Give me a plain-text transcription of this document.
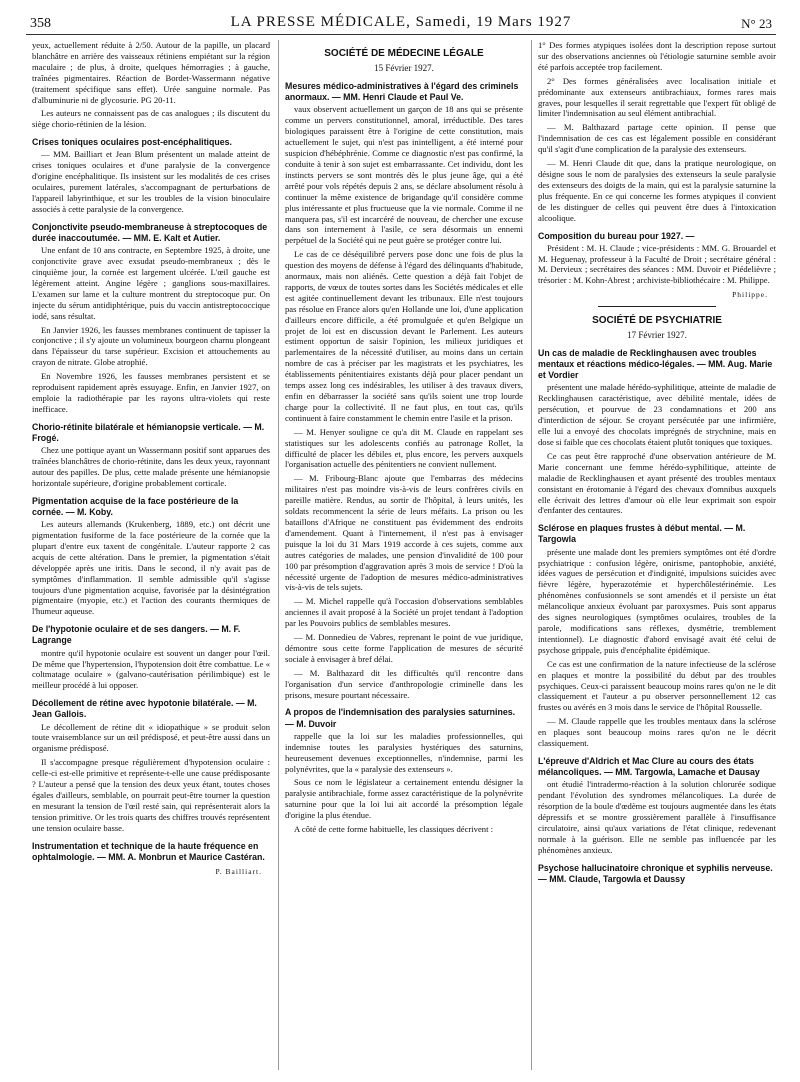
358	LA PRESSE MÉDICALE, Samedi, 19 Mars 1927	N° 23

yeux, actuellement réduite à 2/50. Autour de la papille, un placard blanchâtre en arrière des vaisseaux rétiniens empiétant sur la région maculaire ; de plus, à droite, quelques hémorragies ; à gauche, traînées pigmentaires. Réaction de Bordet-Wassermann négative (traitement spécifique sans effet). Urée sanguine normale. Pas d'albuminurie ni de glycosurie. PG 20-11.

Les auteurs ne connaissent pas de cas analogues ; ils discutent du siège chorio-rétinien de la lésion.

Crises toniques oculaires post-encéphalitiques.

— MM. Bailliart et Jean Blum présentent un malade atteint de crises toniques oculaires et d'une paralysie de la convergence d'origine encéphalitique. Ils insistent sur les modalités de ces crises oculaires, purement latérales, s'accompagnant de perturbations de l'appareil labyrinthique, et sur les troubles de la vision binoculaire associés à cette paralysie de la convergence.

Conjonctivite pseudo-membraneuse à streptocoques de durée inaccoutumée. — MM. E. Kalt et Autier.

Une enfant de 10 ans contracte, en Septembre 1925, à droite, une conjonctivite grave avec exsudat pseudo-membraneux ; dès le cinquième jour, la cornée est largement ulcérée. L'œil gauche est légèrement atteint. Angine légère ; ganglions sous-maxillaires. L'examen sur lame et la culture montrent du streptocoque pur. On injecte du sérum antidiphtérique, puis du vaccin antistreptococcique iodé, sans résultat.

En Janvier 1926, les fausses membranes continuent de tapisser la conjonctive ; il s'y ajoute un volumineux bourgeon charnu plongeant dans l'épaisseur du tarse supérieur. Excision et attouchements au crayon de nitrate. Globe atrophié.

En Novembre 1926, les fausses membranes persistent et se reproduisent rapidement après essuyage. Enfin, en Janvier 1927, on emploie la radiothérapie par les rayons ultra-violets qui reste inefficace.

Chorio-rétinite bilatérale et hémianopsie verticale. — M. Frogé.

Chez une pottique ayant un Wassermann positif sont apparues des traînées blanchâtres de chorio-rétinite, dans les deux yeux, rayonnant autour des papilles. De plus, cette malade présente une hémianopsie horizontale supérieure, d'origine probablement corticale.

Pigmentation acquise de la face postérieure de la cornée. — M. Koby.

Les auteurs allemands (Krukenberg, 1889, etc.) ont décrit une pigmentation fusiforme de la face postérieure de la cornée que la plupart d'entre eux taxent de congénitale. L'auteur rapporte 2 cas acquis de cette altération. Dans le premier, la pigmentation s'était développée après une iritis. Dans le second, il n'y avait pas de symptômes d'inflammation. Il semble admissible qu'il s'agisse toujours d'une pigmentation acquise, favorisée par la désintégration pigmentaire (myopie, etc.) et l'action des courants thermiques de l'humeur aqueuse.

De l'hypotonie oculaire et de ses dangers. — M. F. Lagrange

montre qu'il hypotonie oculaire est souvent un danger pour l'œil. De même que l'hypertension, l'hypotension doit être combattue. Le « coltmatage oculaire » (galvano-cautérisation périlimbique) est le meilleur procédé à lui opposer.

Décollement de rétine avec hypotonie bilatérale. — M. Jean Gallois.

Le décollement de rétine dit « idiopathique » se produit selon toute vraisemblance sur un œil prédisposé, et peut-être aussi dans un organisme prédisposé.

Il s'accompagne presque régulièrement d'hypotension oculaire : celle-ci est-elle primitive et représente-t-elle une cause prédisposante ? L'auteur a pensé que la tension des deux yeux étant, toutes choses égales d'ailleurs, semblable, on pourrait peut-être tourner la question en mesurant la tension de l'œil resté sain, qui représenterait alors la tension primitive. Or les trois quarts des chiffres trouvés représentent une tension oculaire basse.

Instrumentation et technique de la haute fréquence en ophtalmologie. — MM. A. Monbrun et Maurice Castéran.
P. Bailliart.
SOCIÉTÉ DE MÉDECINE LÉGALE

15 Février 1927.

Mesures médico-administratives à l'égard des criminels anormaux. — MM. Henri Claude et Paul Ve.

vaux observent actuellement un garçon de 18 ans qui se présente comme un pervers constitutionnel, amoral, irréductible. Des tares biologiques paraissent être à l'origine de cette constitution, mais actuellement le sujet, qui n'est pas inintelligent, a été interné pour suspicion d'hébéphrénie. Comme ce diagnostic n'est pas confirmé, la conduite à tenir à son sujet est embarrassante. Cet individu, dont les instincts pervers se sont montrés dès le plus jeune âge, qui a été arrêté pour vols répétés depuis 2 ans, se déclare absolument résolu à continuer la même existence de brigandage qu'il considère comme plus intéressante et plus fructueuse que la vie normale. Comme il ne manquera pas, s'il est incarcéré de nouveau, de chercher une excuse dans son internement à l'asile, ce sera désormais un ennemi perpétuel de la Société qui ne peut guère se protéger contre lui.

Le cas de ce déséquilibré pervers pose donc une fois de plus la question des moyens de défense à l'égard des délinquants d'habitude, anormaux, mais non aliénés. Cette question a déjà fait l'objet de rapports, de vœux de toutes sortes dans les Sociétés médicales et elle est agitée continuellement devant les tribunaux. Elle n'est toujours pas résolue en France alors qu'en Hollande une loi, d'une application d'ailleurs encore difficile, a été promulguée et qu'en Belgique un projet de loi est en discussion devant le Parlement. Les auteurs estiment opportun de saisir l'opinion, les milieux juridiques et parlementaires de la nécessité d'utiliser, au moins dans un certain nombre de cas à préciser par les magistrats et les psychiatres, les établissements pénitentiaires existants déjà pour placer pendant un temps assez long ces indésirables, les utiliser à des travaux divers, enfin en débarrasser la société sans qu'ils soient une trop lourde charge pour la collectivité. Il ne faut plus, en tout cas, qu'ils continuent à faire constamment le chemin entre l'asile et la prison.

— M. Henyer souligne ce qu'a dit M. Claude en rappelant ses statistiques sur les adolescents confiés au patronage Rollet, la difficulté de placer les débiles et, plus encore, les pervers auxquels l'organisation actuelle des pénitentiers ne convient nullement.

— M. Fribourg-Blanc ajoute que l'embarras des médecins militaires n'est pas moindre vis-à-vis de leurs confrères civils en pareille matière. Rendus, au sortir de l'hôpital, à leurs unités, les soldats recommencent la série de leurs méfaits. La prison ou les bataillons d'Afrique ne constituent pas évidemment des endroits d'amendement. Quant à l'internement, il n'est pas à envisager puisque la loi du 31 Mars 1919 accorde à ces sujets, comme aux autres catégories de malades, une pension d'invalidité de 100 pour 100 par présomption d'aggravation après 3 mois de service ! D'où la nécessité urgente de l'adoption de mesures médico-administratives vis-à-vis de tels sujets.

— M. Michel rappelle qu'à l'occasion d'observations semblables anciennes il avait proposé à la Société un projet tendant à l'adoption par les Pouvoirs publics de semblables mesures.

— M. Donnedieu de Vabres, reprenant le point de vue juridique, démontre sous cette forme l'application de mesures de sécurité sociale à envisager à bref délai.

— M. Balthazard dit les difficultés qu'il rencontre dans l'organisation d'un service d'anthropologie criminelle dans les prisons, mesure pourtant nécessaire.

A propos de l'indemnisation des paralysies saturnines. — M. Duvoir

rappelle que la loi sur les maladies professionnelles, qui indemnise toutes les paralysies hystériques des saturnins, heureusement devenues exceptionnelles, n'indemnise, parmi les polynévrites, que la « paralysie des extenseurs ».

Sous ce nom le législateur a certainement entendu désigner la paralysie antibrachiale, forme assez caractéristique de la polynévrite saturnine pour que la loi lui ait accordé la présomption légale d'origine la plus étendue.

A côté de cette forme habituelle, les classiques décrivent :

1° Des formes atypiques isolées dont la description repose surtout sur des observations anciennes où l'étiologie saturnine semble avoir été parfois acceptée trop facilement.

2° Des formes généralisées avec localisation initiale et prédominante aux extenseurs antibrachiaux, formes rares mais graves, pour lesquelles il serait regrettable que l'expert fût obligé de limiter l'indemnisation au seul élément antibrachial.

— M. Balthazard partage cette opinion. Il pense que l'indemnisation de ces cas est légalement possible en considérant qu'il s'agit d'une complication de la paralysie des extenseurs.

— M. Henri Claude dit que, dans la pratique neurologique, on désigne sous le nom de paralysies des extenseurs la seule paralysie des extenseurs des doigts de la main, qui est la paralysie saturnine la plus fréquente. En ce qui concerne les formes atypiques il convient de les distinguer de celles qui peuvent être dues à l'intoxication alcoolique.

Composition du bureau pour 1927. —

Président : M. H. Claude ; vice-présidents : MM. G. Brouardel et M. Heguenay, professeur à la Faculté de Droit ; secrétaire général : M. Dervieux ; secrétaires des séances : MM. Duvoir et Piédelièvre ; trésorier : M. Kohn-Abrest ; archiviste-bibliothécaire : M. Philippe.

Philippe.
SOCIÉTÉ DE PSYCHIATRIE

17 Février 1927.

Un cas de maladie de Recklinghausen avec troubles mentaux et réactions médico-légales. — MM. Aug. Marie et Vordier

présentent une malade hérédo-syphilitique, atteinte de maladie de Recklinghausen caractéristique, avec débilité mentale, idées de persécution, et pourvue de 23 condamnations et 200 ans d'interdiction de séjour. Se croyant persécutée par une infirmière, elle lui a envoyé des chocolats imprégnés de strychnine, mais en dose si faible que ces chocolats étaient plutôt toniques que toxiques.

Ce cas peut être rapproché d'une observation antérieure de M. Marie concernant une femme hérédo-syphilitique, atteinte de maladie de Recklinghausen et ayant présenté des troubles mentaux consistant en érotomanie à l'égard des chevaux d'omnibus auxquels elle écrivait des lettres d'amour où elle leur exprimait son espoir d'enfanter des centaures.

Sclérose en plaques frustes à début mental. — M. Targowla

présente une malade dont les premiers symptômes ont été d'ordre psychiatrique : confusion légère, onirisme, pantophobie, anxiété, idées vagues de persécution et d'indignité, impulsions suicides avec fièvre légère, hyperazotémie et hyperchôlestérinémie. Les phénomènes confusionnels se sont amendés et il persiste un état mélancolique anxieux évoluant par paroxysmes. Puis sont apparus des signes neurologiques (symptômes oculaires, troubles de la parole, modifications sans réflexes, dysmétrie, tremblement intentionnel). Le diagnostic d'abord envisagé avait été celui de psychose grippale, puis d'encéphalite épidémique.

Ce cas est une confirmation de la nature infectieuse de la sclérose en plaques et montre la possibilité du début par des troubles psychiques. Ceux-ci paraissent beaucoup moins rares qu'on ne le dit classiquement et l'auteur a pu observer personnellement 12 cas frustes ou avérés en 3 mois dans le service de l'hôpital Rousselle.

— M. Claude rappelle que les troubles mentaux dans la sclérose en plaques sont beaucoup moins rares qu'on ne le décrit classiquement.

L'épreuve d'Aldrich et Mac Clure au cours des états mélancoliques. — MM. Targowla, Lamache et Dausay

ont étudié l'intradermo-réaction à la solution chlorurée sodique pendant l'évolution des syndromes mélancoliques. La durée de résorption de la boule d'œdème est toujours augmentée dans les états dépressifs et se montre grossièrement parallèle à l'insuffisance circulatoire, ainsi qu'aux variations de l'état clinique, redevenant normale à la guérison. Elle ne semble pas influencée par les phénomènes anxieux.

Psychose hallucinatoire chronique et syphilis nerveuse. — MM. Claude, Targowla et Daussy
